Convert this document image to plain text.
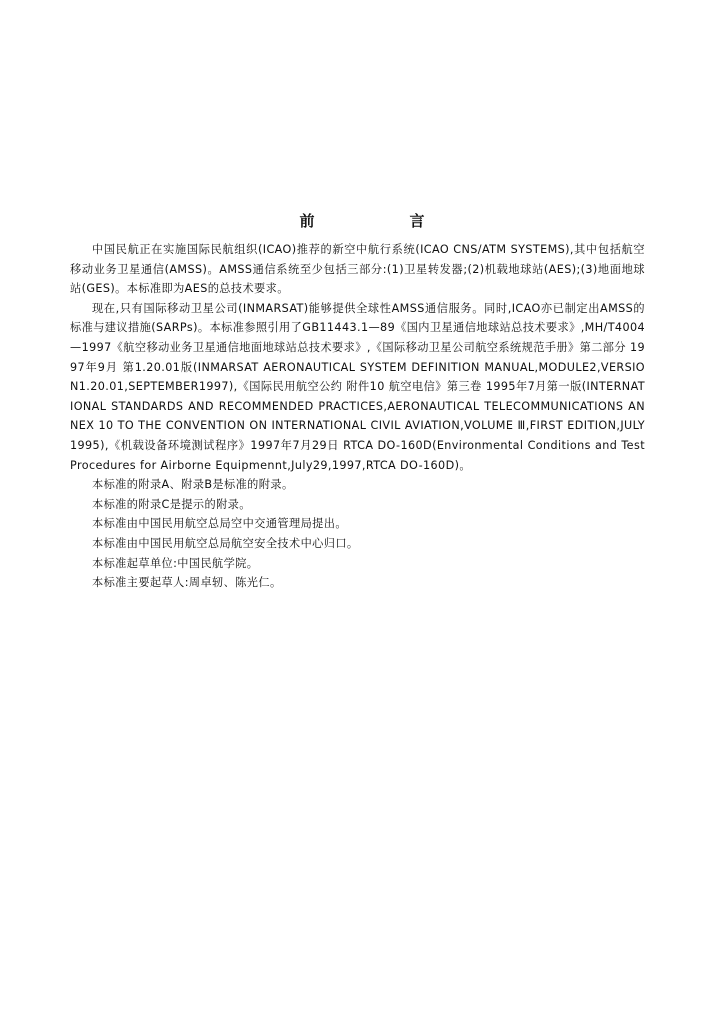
前　言

中国民航正在实施国际民航组织(ICAO)推荐的新空中航行系统(ICAO CNS/ATM SYSTEMS),其中包括航空移动业务卫星通信(AMSS)。AMSS通信系统至少包括三部分:(1)卫星转发器;(2)机载地球站(AES);(3)地面地球站(GES)。本标准即为AES的总技术要求。

现在,只有国际移动卫星公司(INMARSAT)能够提供全球性AMSS通信服务。同时,ICAO亦已制定出AMSS的标准与建议措施(SARPs)。本标准参照引用了GB11443.1—89《国内卫星通信地球站总技术要求》,MH/T4004—1997《航空移动业务卫星通信地面地球站总技术要求》,《国际移动卫星公司航空系统规范手册》第二部分 1997年9月 第1.20.01版(INMARSAT AERONAUTICAL SYSTEM DEFINITION MANUAL,MODULE2,VERSION1.20.01,SEPTEMBER1997),《国际民用航空公约 附件10 航空电信》第三卷 1995年7月第一版(INTERNATIONAL STANDARDS AND RECOMMENDED PRACTICES,AERONAUTICAL TELECOMMUNICATIONS ANNEX 10 TO THE CONVENTION ON INTERNATIONAL CIVIL AVIATION,VOLUME Ⅲ,FIRST EDITION,JULY 1995),《机载设备环境测试程序》1997年7月29日 RTCA DO-160D(Environmental Conditions and Test Procedures for Airborne Equipmennt,July29,1997,RTCA DO-160D)。

本标准的附录A、附录B是标准的附录。

本标准的附录C是提示的附录。

本标准由中国民用航空总局空中交通管理局提出。

本标准由中国民用航空总局航空安全技术中心归口。

本标准起草单位:中国民航学院。

本标准主要起草人:周卓轫、陈光仁。
